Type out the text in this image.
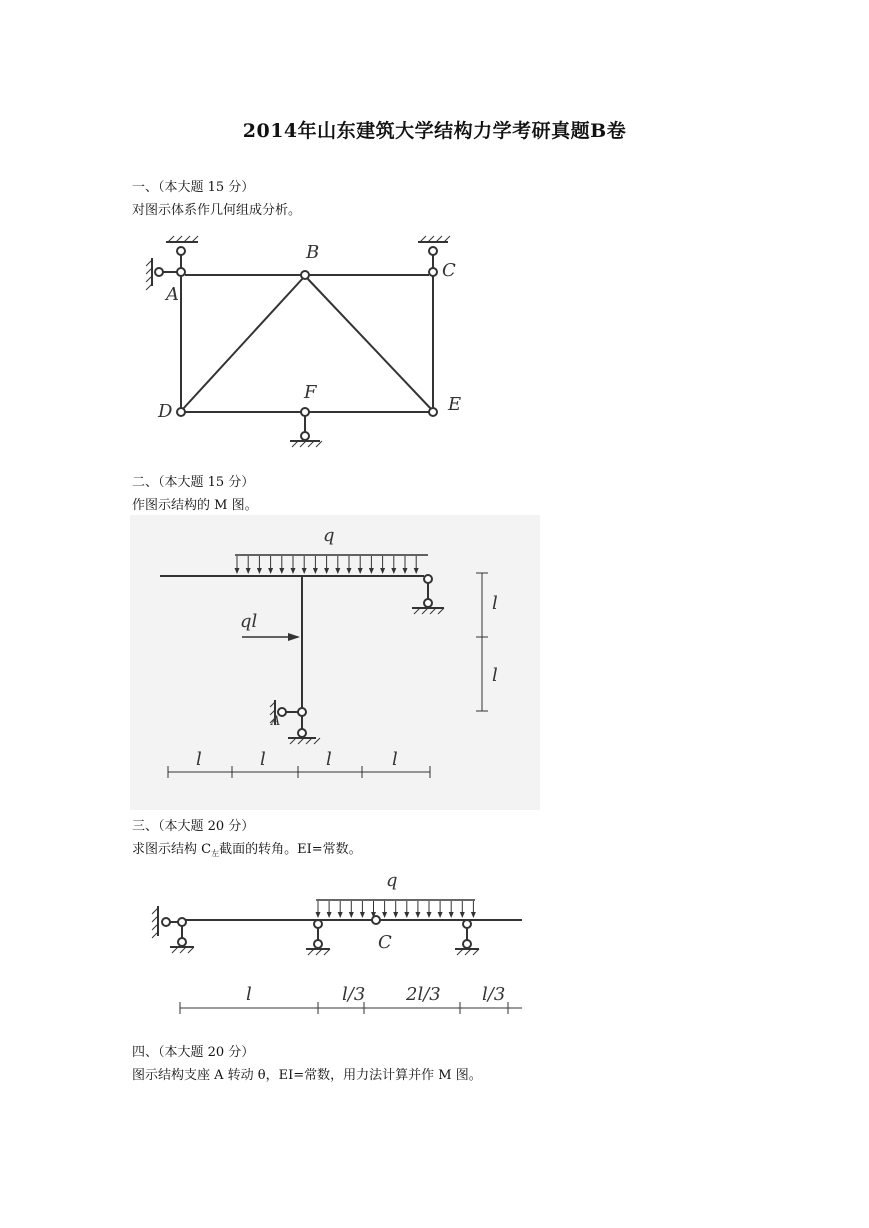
2014年山东建筑大学结构力学考研真题B卷
一、（本大题 15 分）
对图示体系作几何组成分析。
A
B
C
D	E
F
二、（本大题 15 分）
作图示结构的 M 图。
q
ql
A
l
l
l	l	l	l
三、（本大题 20 分）
求图示结构 $C_左$截面的转角。EI=常数。
q
C
l	l/3 2l/3 l/3
四、（本大题 20 分）
图示结构支座 A 转动 θ，EI=常数，用力法计算并作 M 图。
